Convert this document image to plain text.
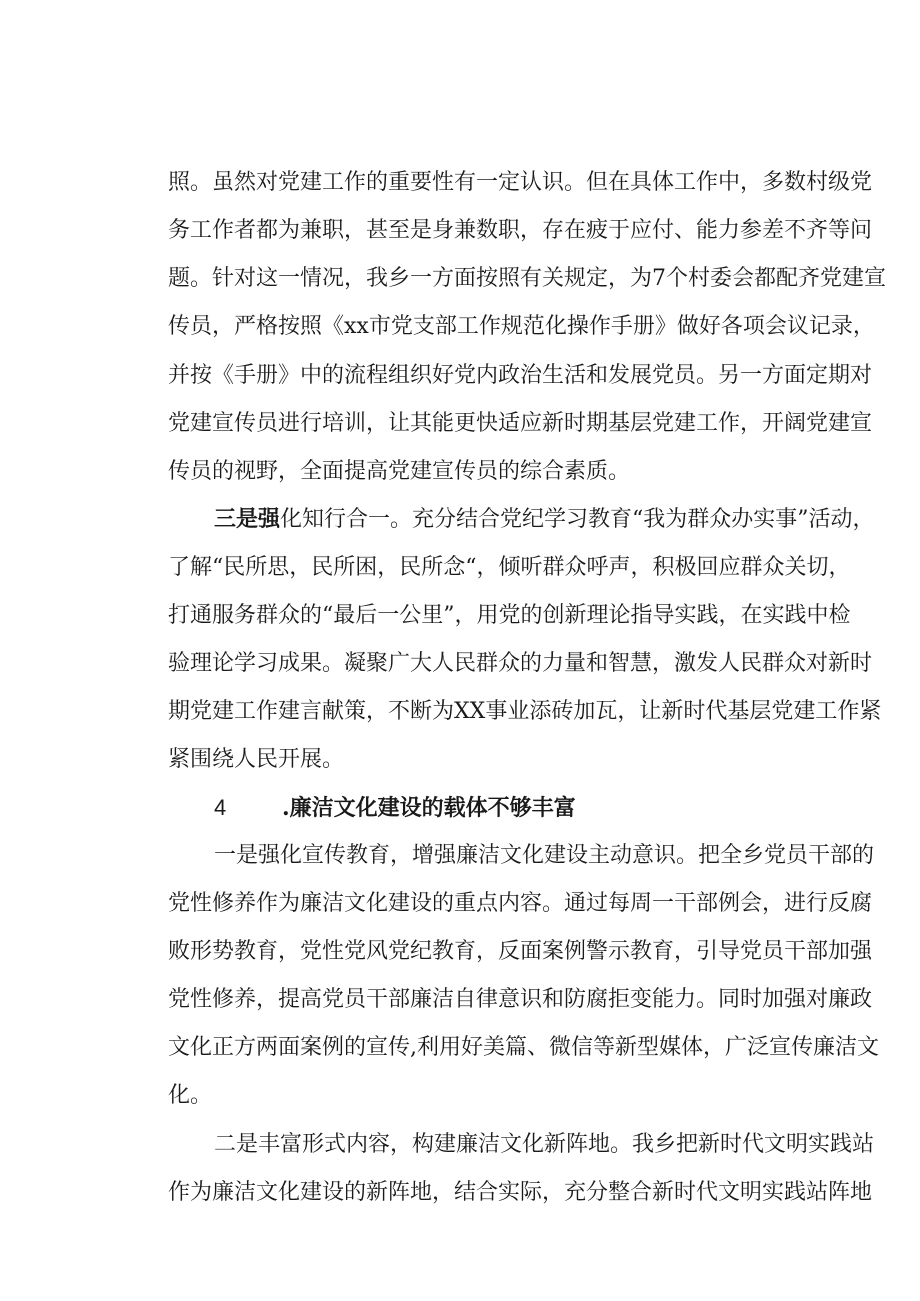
照。虽然对党建工作的重要性有一定认识。但在具体工作中，多数村级党
务工作者都为兼职，甚至是身兼数职，存在疲于应付、能力参差不齐等问
题。针对这一情况，我乡一方面按照有关规定，为7个村委会都配齐党建宣
传员，严格按照《xx市党支部工作规范化操作手册》做好各项会议记录，
并按《手册》中的流程组织好党内政治生活和发展党员。另一方面定期对
党建宣传员进行培训，让其能更快适应新时期基层党建工作，开阔党建宣
传员的视野，全面提高党建宣传员的综合素质。
三是强化知行合一。充分结合党纪学习教育“我为群众办实事”活动，
了解“民所思，民所困，民所念“，倾听群众呼声，积极回应群众关切，
打通服务群众的“最后一公里”，用党的创新理论指导实践，在实践中检
验理论学习成果。凝聚广大人民群众的力量和智慧，激发人民群众对新时
期党建工作建言献策，不断为XX事业添砖加瓦，让新时代基层党建工作紧
紧围绕人民开展。
4	.廉洁文化建设的载体不够丰富
一是强化宣传教育，增强廉洁文化建设主动意识。把全乡党员干部的
党性修养作为廉洁文化建设的重点内容。通过每周一干部例会，进行反腐
败形势教育，党性党风党纪教育，反面案例警示教育，引导党员干部加强
党性修养，提高党员干部廉洁自律意识和防腐拒变能力。同时加强对廉政
文化正方两面案例的宣传,利用好美篇、微信等新型媒体，广泛宣传廉洁文
化。
二是丰富形式内容，构建廉洁文化新阵地。我乡把新时代文明实践站
作为廉洁文化建设的新阵地，结合实际，充分整合新时代文明实践站阵地
